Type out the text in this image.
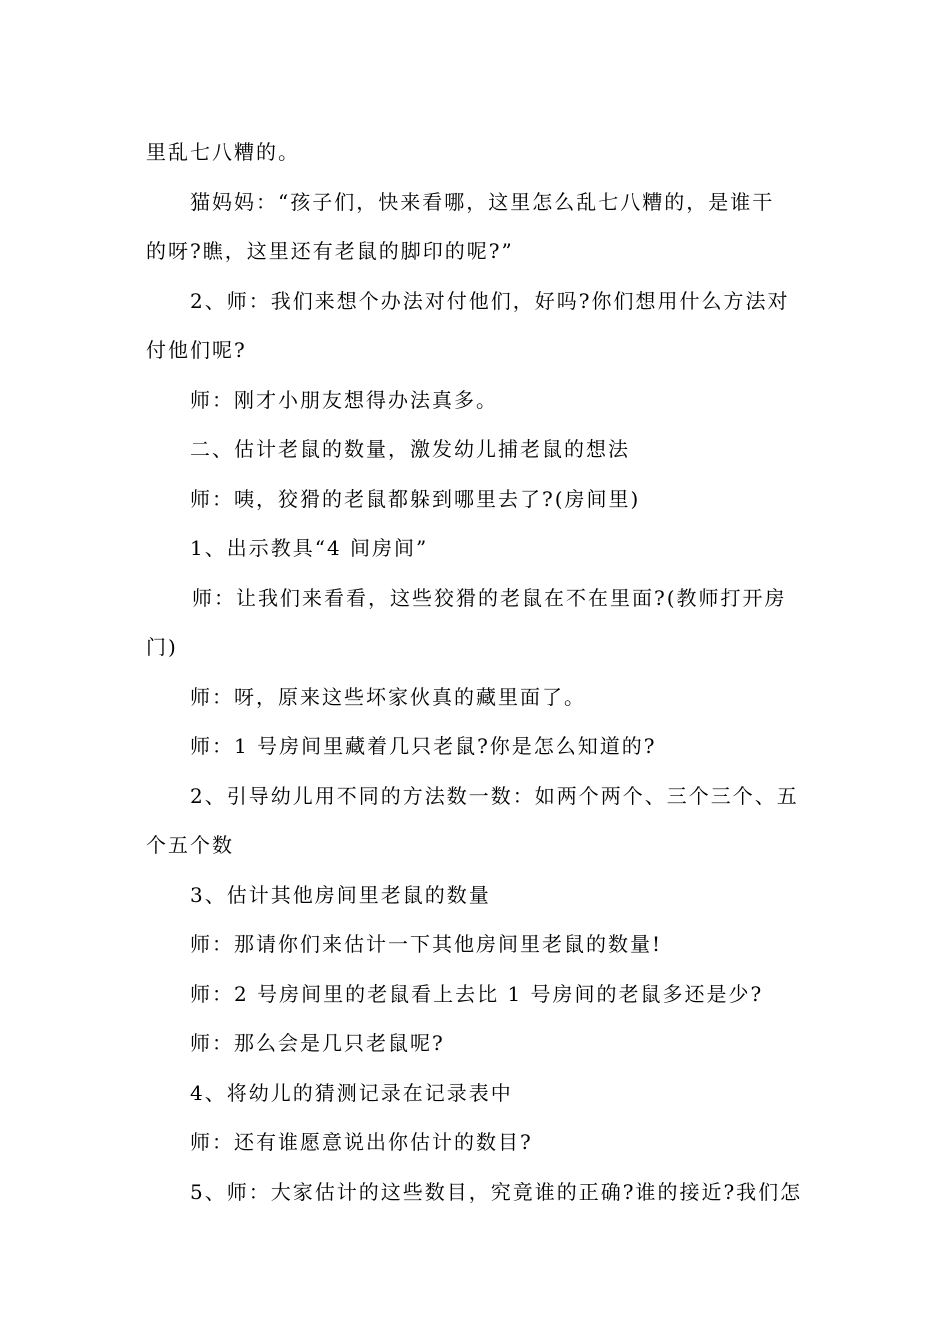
里乱七八糟的。
猫妈妈：“孩子们，快来看哪，这里怎么乱七八糟的，是谁干
的呀?瞧，这里还有老鼠的脚印的呢?”
2、师：我们来想个办法对付他们，好吗?你们想用什么方法对
付他们呢?
师：刚才小朋友想得办法真多。
二、估计老鼠的数量，激发幼儿捕老鼠的想法
师：咦，狡猾的老鼠都躲到哪里去了?(房间里)
1、出示教具“4 间房间”
师：让我们来看看，这些狡猾的老鼠在不在里面?(教师打开房
门)
师：呀，原来这些坏家伙真的藏里面了。
师：1 号房间里藏着几只老鼠?你是怎么知道的?
2、引导幼儿用不同的方法数一数：如两个两个、三个三个、五
个五个数
3、估计其他房间里老鼠的数量
师：那请你们来估计一下其他房间里老鼠的数量!
师：2 号房间里的老鼠看上去比 1 号房间的老鼠多还是少?
师：那么会是几只老鼠呢?
4、将幼儿的猜测记录在记录表中
师：还有谁愿意说出你估计的数目?
5、师：大家估计的这些数目，究竟谁的正确?谁的接近?我们怎
